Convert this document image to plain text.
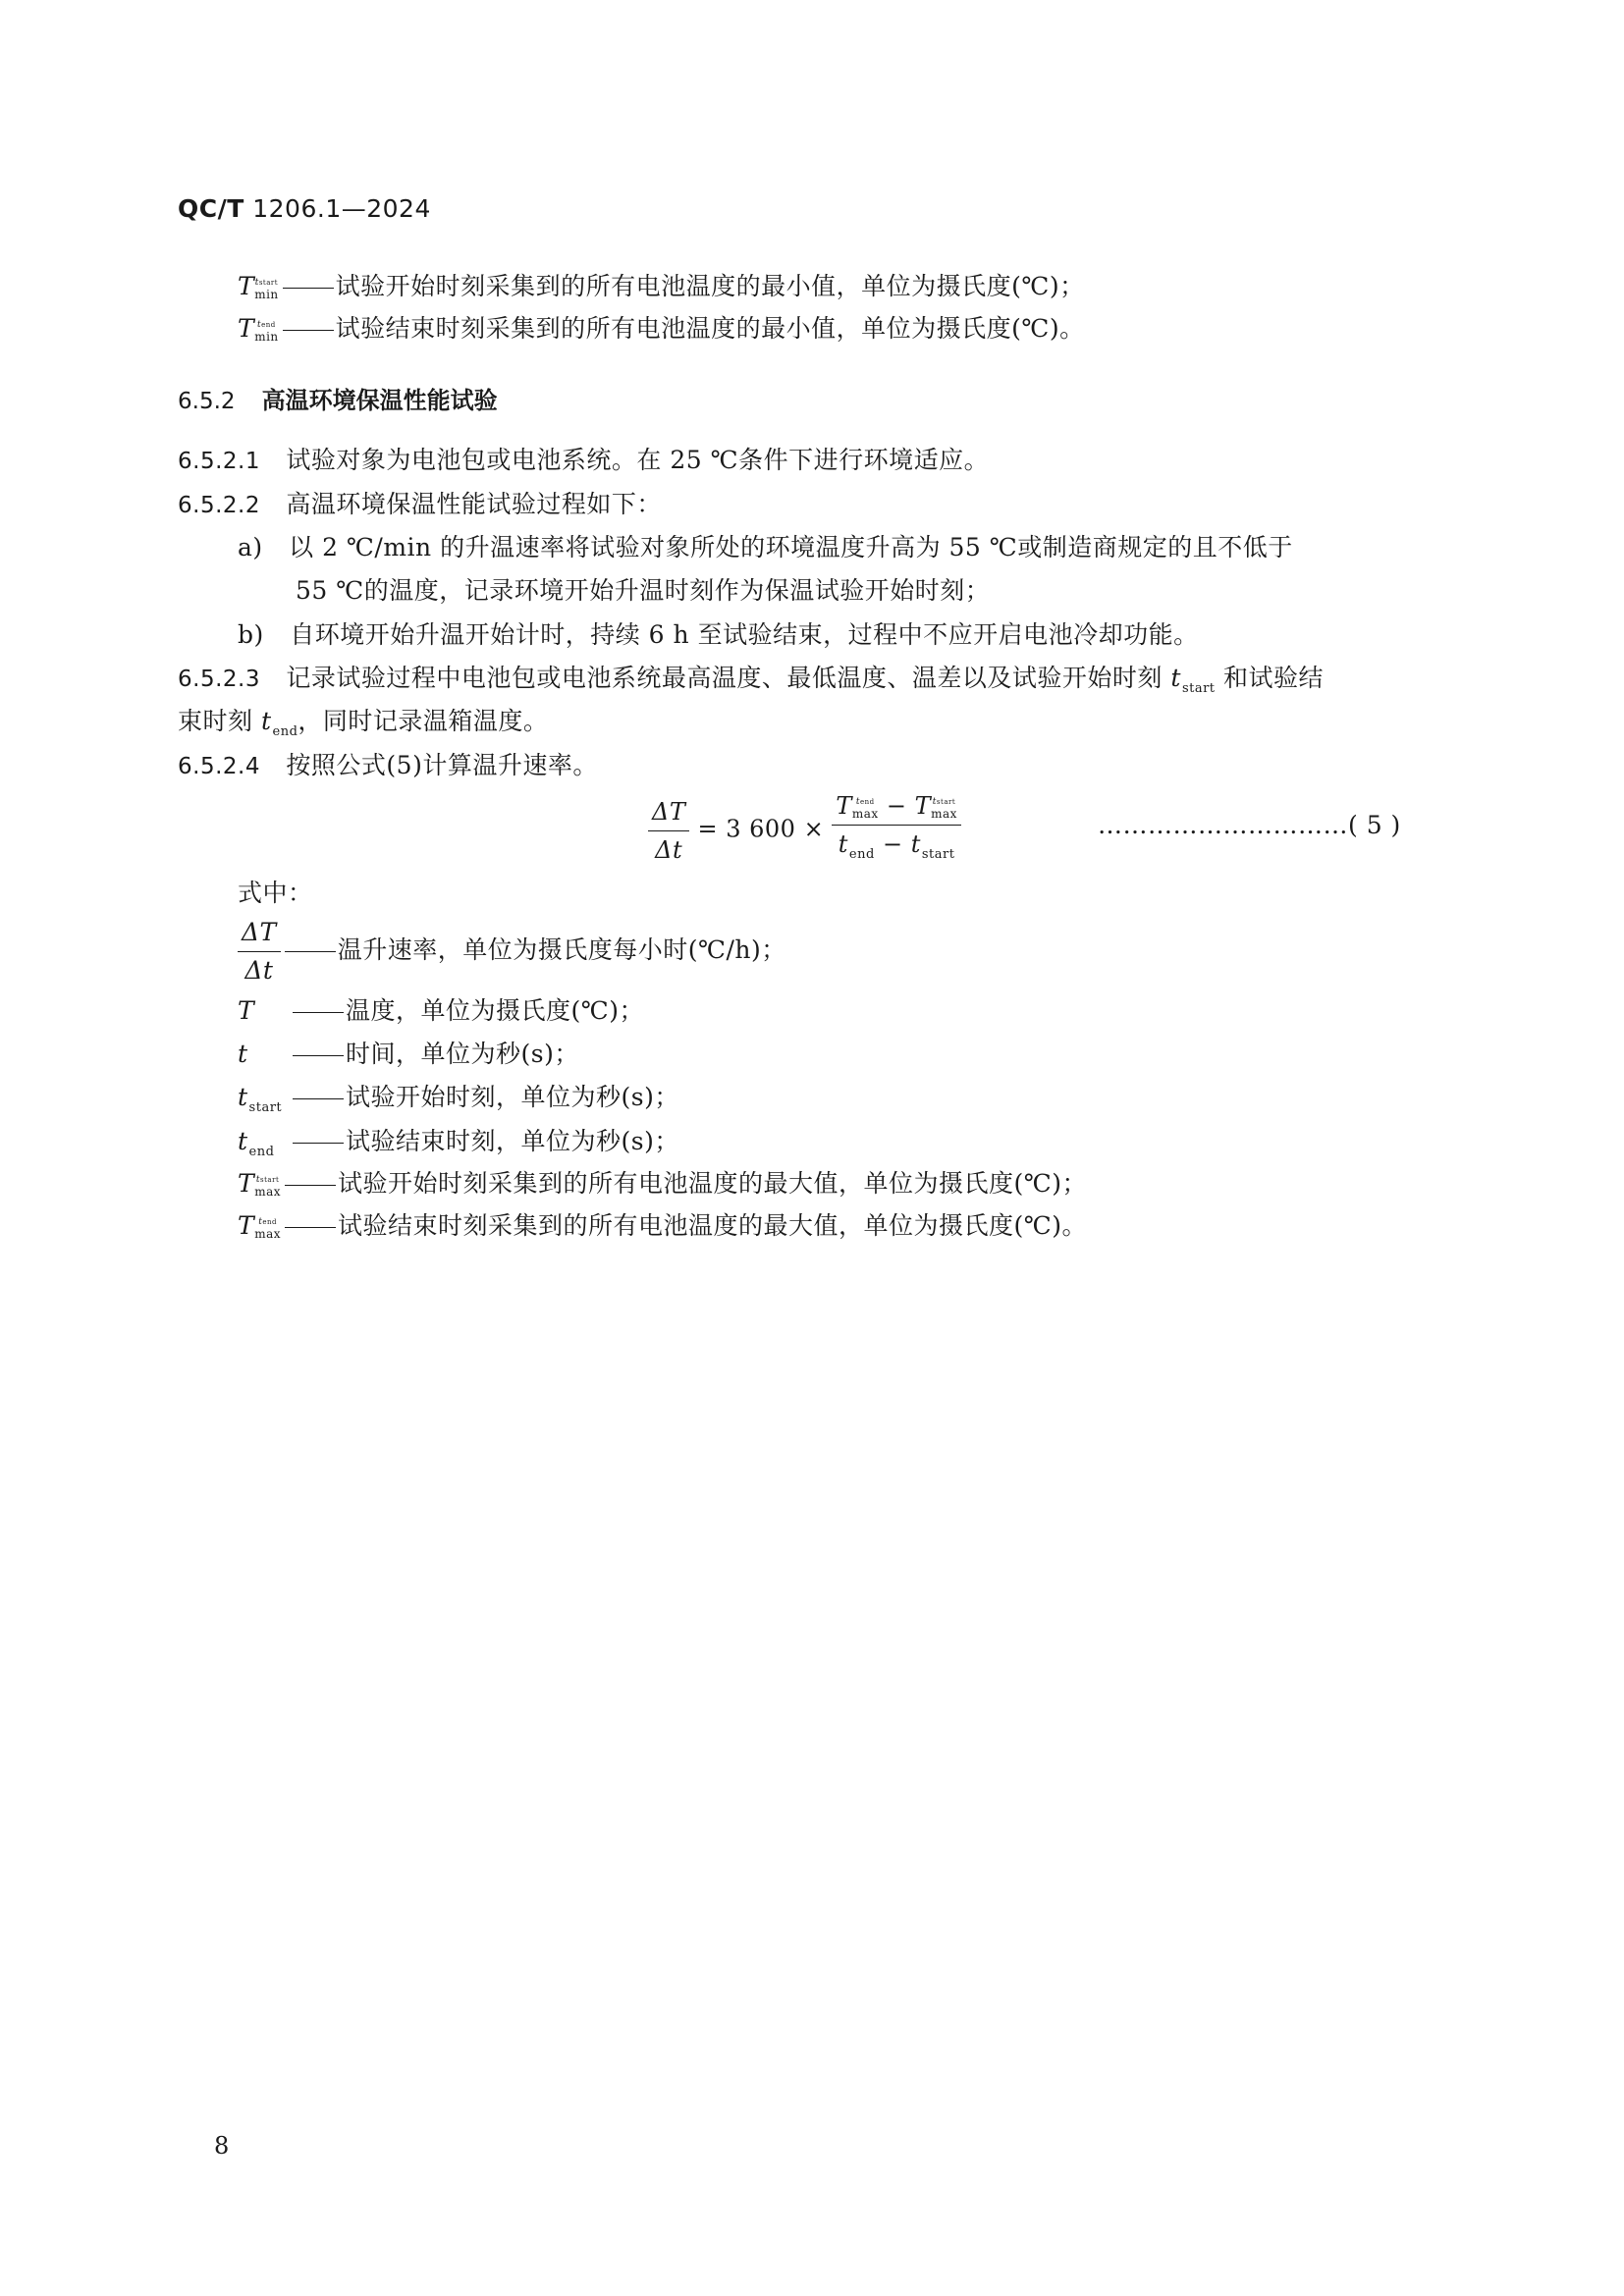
QC/T 1206.1—2024
T tstart
min 试验开始时刻采集到的所有电池温度的最小值，单位为摄氏度(℃)；
T tend
min 试验结束时刻采集到的所有电池温度的最小值，单位为摄氏度(℃)。
6.5.2 高温环境保温性能试验
6.5.2.1 试验对象为电池包或电池系统。在 25 ℃条件下进行环境适应。
6.5.2.2 高温环境保温性能试验过程如下：
a) 以 2 ℃/min 的升温速率将试验对象所处的环境温度升高为 55 ℃或制造商规定的且不低于
55 ℃的温度，记录环境开始升温时刻作为保温试验开始时刻；
b) 自环境开始升温开始计时，持续 6 h 至试验结束，过程中不应开启电池冷却功能。
6.5.2.3 记录试验过程中电池包或电池系统最高温度、最低温度、温差以及试验开始时刻 $t_{start}$ 和试验结
束时刻 $t_{end}$，同时记录温箱温度。
6.5.2.4 按照公式(5)计算温升速率。
$\frac{\Delta T}{\Delta t} = 3$ 600 × T tend
max − T tstart
max
$t_{end} - t_{start}$	…………………………( 5 )
式中：
$\frac{\Delta T}{\Delta t}$ 温升速率，单位为摄氏度每小时(℃/h)；
T	温度，单位为摄氏度(℃)；
t	时间，单位为秒(s)；
$t_{start}$	试验开始时刻，单位为秒(s)；
$t_{end}$	试验结束时刻，单位为秒(s)；
T tstart
max 试验开始时刻采集到的所有电池温度的最大值，单位为摄氏度(℃)；
T tend
max 试验结束时刻采集到的所有电池温度的最大值，单位为摄氏度(℃)。
8
